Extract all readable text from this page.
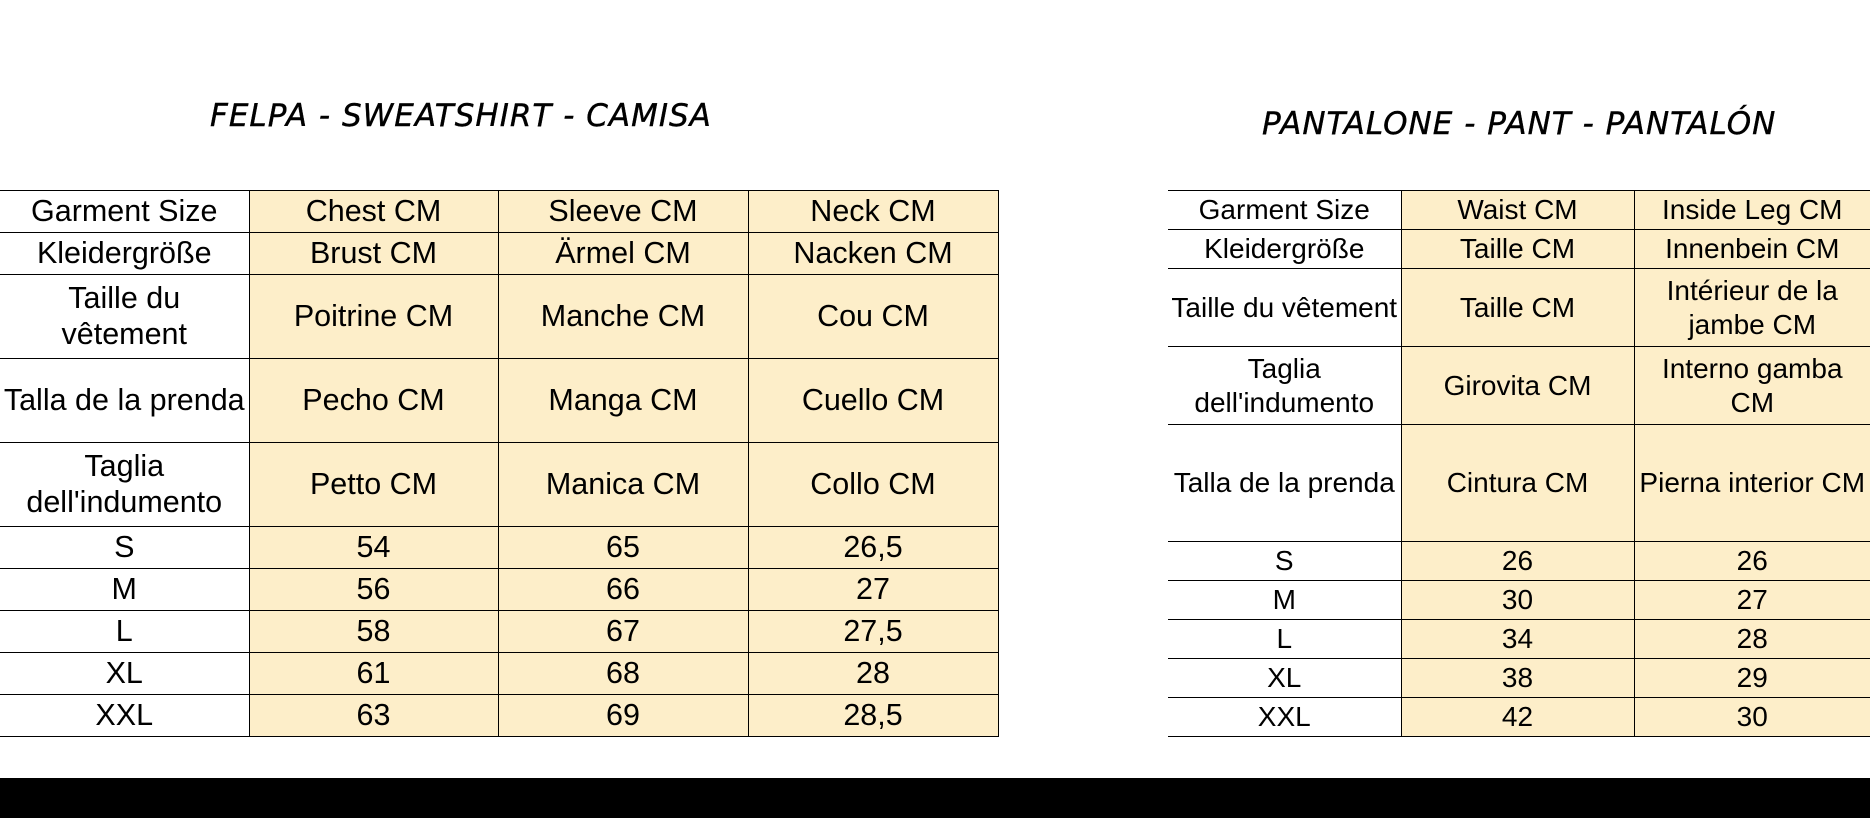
FELPA - SWEATSHIRT - CAMISA
Garment Size	Chest CM	Sleeve CM	Neck CM
Kleidergröße	Brust CM	Ärmel CM	Nacken CM
Taille du vêtement	Poitrine CM	Manche CM	Cou CM
Talla de la prenda	Pecho CM	Manga CM	Cuello CM
Taglia dell'indumento	Petto CM	Manica CM	Collo CM
S	54	65	26,5
M	56	66	27
L	58	67	27,5
XL	61	68	28
XXL	63	69	28,5
PANTALONE - PANT - PANTALÓN
Garment Size	Waist CM	Inside Leg CM
Kleidergröße	Taille CM	Innenbein CM
Taille du vêtement	Taille CM	Intérieur de la jambe CM
Taglia dell'indumento	Girovita CM	Interno gamba CM
Talla de la prenda	Cintura CM	Pierna interior CM
S	26	26
M	30	27
L	34	28
XL	38	29
XXL	42	30
